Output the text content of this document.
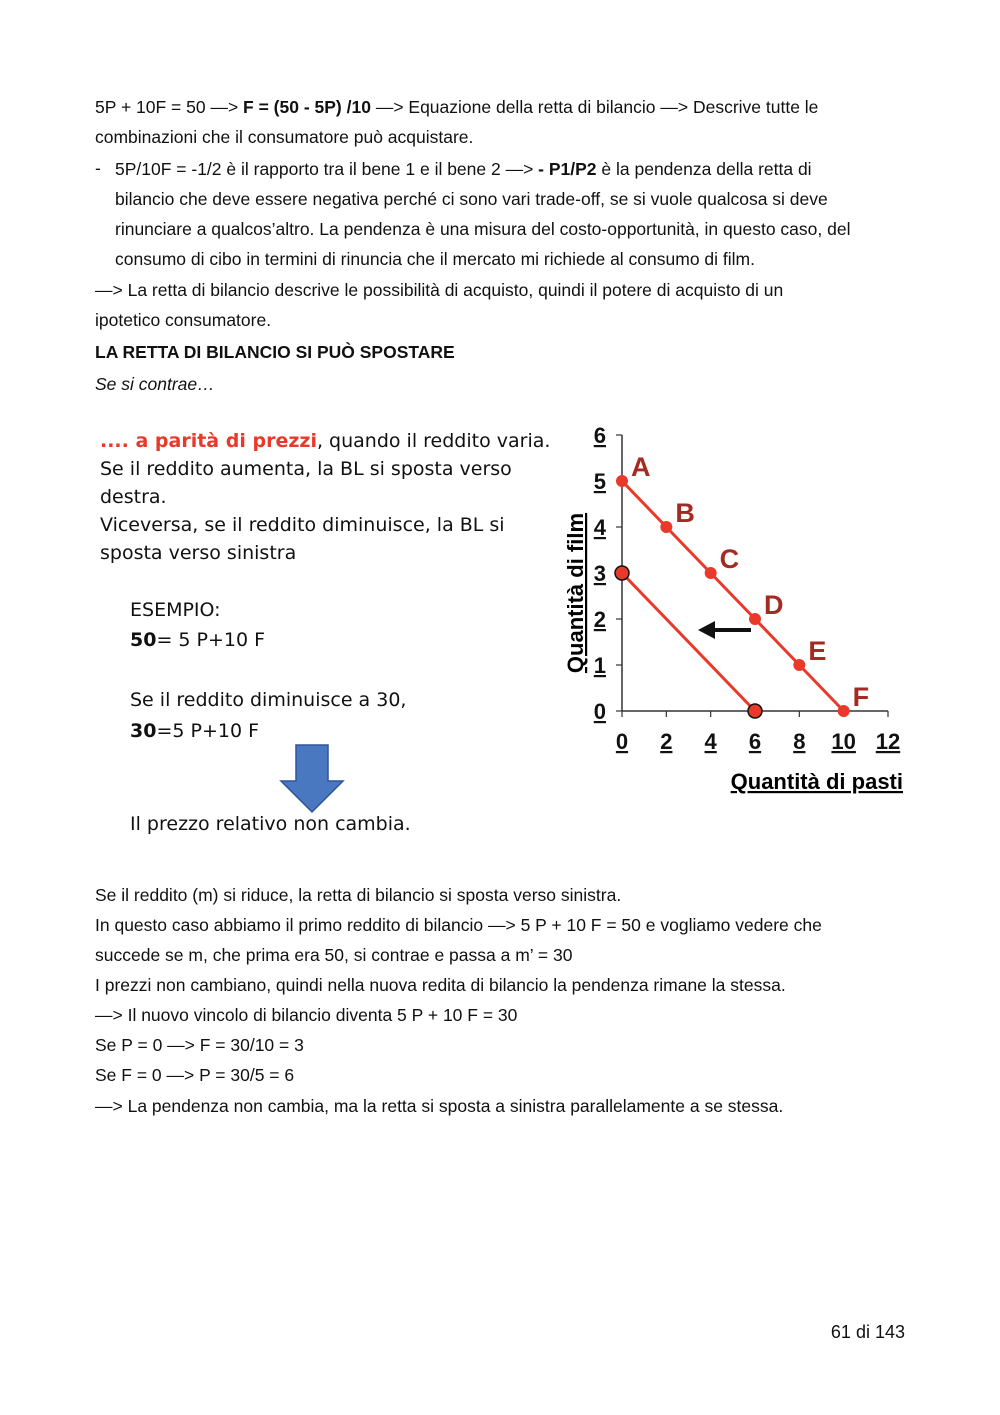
5P + 10F = 50 —> F = (50 - 5P) /10 —> Equazione della retta di bilancio —> Descrive tutte le
combinazioni che il consumatore può acquistare.
- 5P/10F = -1/2 è il rapporto tra il bene 1 e il bene 2 —> - P1/P2 è la pendenza della retta di
bilancio che deve essere negativa perché ci sono vari trade-off, se si vuole qualcosa si deve
rinunciare a qualcos’altro. La pendenza è una misura del costo-opportunità, in questo caso, del
consumo di cibo in termini di rinuncia che il mercato mi richiede al consumo di film.
—> La retta di bilancio descrive le possibilità di acquisto, quindi il potere di acquisto di un
ipotetico consumatore.
LA RETTA DI BILANCIO SI PUÒ SPOSTARE
Se si contrae…
.... a parità di prezzi, quando il reddito varia.
Se il reddito aumenta, la BL si sposta verso
destra.
Viceversa, se il reddito diminuisce, la BL si
sposta verso sinistra
ESEMPIO:
50= 5 P+10 F
Se il reddito diminuisce a 30,
30=5 P+10 F
Il prezzo relativo non cambia.
A
B
C
D
E
F
0 2 4 6 8 10 12
0
1
2
3
4
5
6
Quantità di film
Quantità di pasti
61 di 143
Se il reddito (m) si riduce, la retta di bilancio si sposta verso sinistra.
In questo caso abbiamo il primo reddito di bilancio —> 5 P + 10 F = 50 e vogliamo vedere che
succede se m, che prima era 50, si contrae e passa a m’ = 30
I prezzi non cambiano, quindi nella nuova redita di bilancio la pendenza rimane la stessa.
—> Il nuovo vincolo di bilancio diventa 5 P + 10 F = 30
Se P = 0 —> F = 30/10 = 3
Se F = 0 —> P = 30/5 = 6
—> La pendenza non cambia, ma la retta si sposta a sinistra parallelamente a se stessa.
